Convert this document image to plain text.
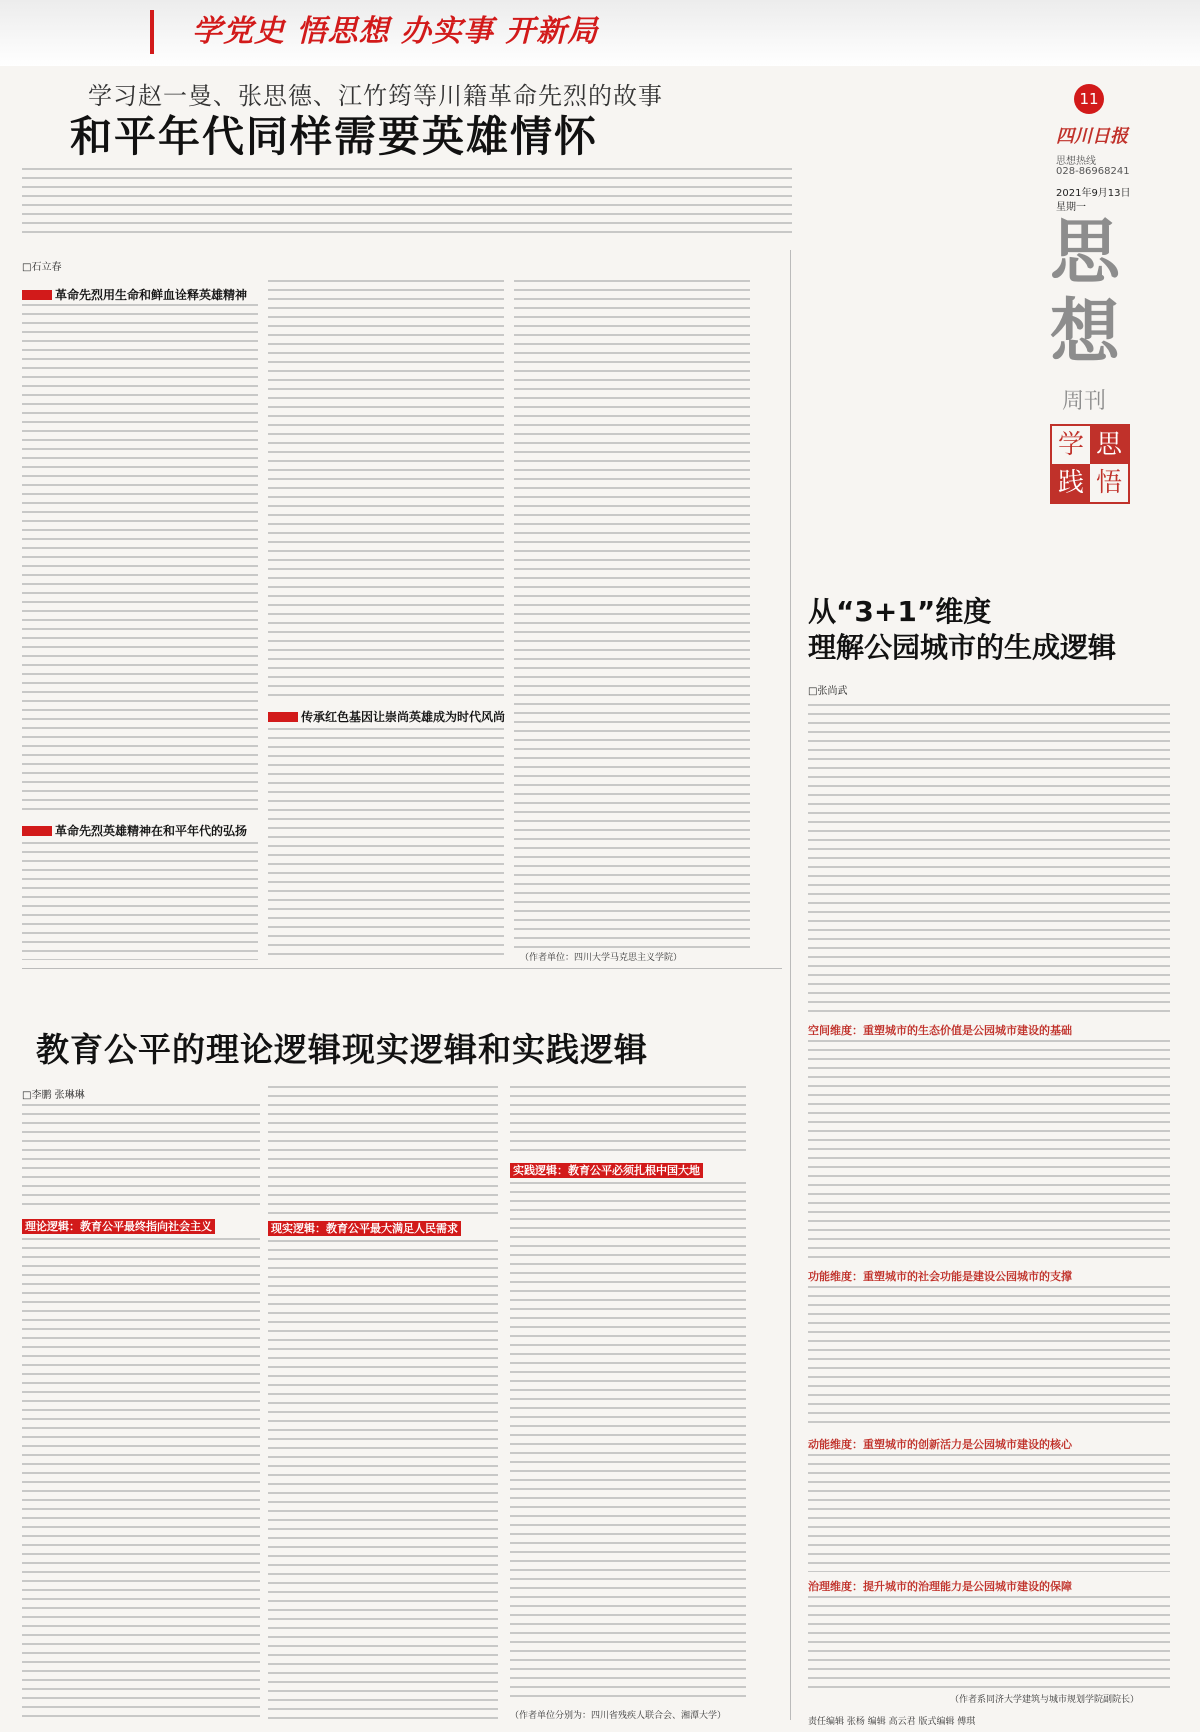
学党史 悟思想 办实事 开新局
学习赵一曼、张思德、江竹筠等川籍革命先烈的故事
和平年代同样需要英雄情怀
□石立春
革命先烈用生命和鲜血诠释英雄精神
革命先烈英雄精神在和平年代的弘扬
传承红色基因让崇尚英雄成为时代风尚
（作者单位：四川大学马克思主义学院）
11
四川日报
思想热线
028-86968241
2021年9月13日
星期一
思
想
周刊
学 思
践 悟
从“3+1”维度
理解公园城市的生成逻辑
□张尚武
空间维度：重塑城市的生态价值是公园城市建设的基础
功能维度：重塑城市的社会功能是建设公园城市的支撑
动能维度：重塑城市的创新活力是公园城市建设的核心
治理维度：提升城市的治理能力是公园城市建设的保障
（作者系同济大学建筑与城市规划学院副院长）
教育公平的理论逻辑现实逻辑和实践逻辑
□李鹏 张琳琳
理论逻辑：教育公平最终指向社会主义	现实逻辑：教育公平最大满足人民需求
实践逻辑：教育公平必须扎根中国大地
（作者单位分别为：四川省残疾人联合会、湘潭大学）
责任编辑 张杨 编辑 高云君 版式编辑 傅琪
